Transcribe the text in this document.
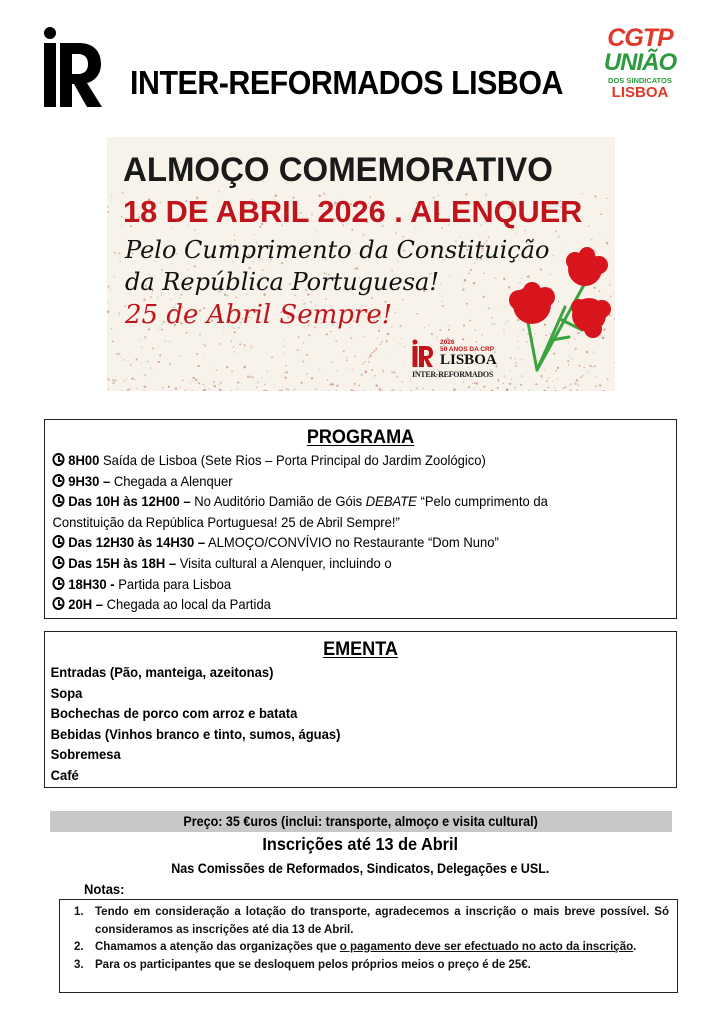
INTER-REFORMADOS LISBOA
CGTP
UNIÃO
DOS SINDICATOS
LISBOA
ALMOÇO COMEMORATIVO
18 DE ABRIL 2026 . ALENQUER
Pelo Cumprimento da Constituição
da República Portuguesa!
25 de Abril Sempre!
2026
50 ANOS DA CRP
LISBOA
INTER-REFORMADOS
PROGRAMA
8H00 Saída de Lisboa (Sete Rios – Porta Principal do Jardim Zoológico)
9H30 – Chegada a Alenquer
Das 10H às 12H00 – No Auditório Damião de Góis DEBATE “Pelo cumprimento da
Constituição da República Portuguesa! 25 de Abril Sempre!”
Das 12H30 às 14H30 – ALMOÇO/CONVÍVIO no Restaurante “Dom Nuno”
Das 15H às 18H – Visita cultural a Alenquer, incluindo o
18H30 - Partida para Lisboa
20H – Chegada ao local da Partida
EMENTA
Entradas (Pão, manteiga, azeitonas)
Sopa
Bochechas de porco com arroz e batata
Bebidas (Vinhos branco e tinto, sumos, águas)
Sobremesa
Café
Preço: 35 €uros (inclui: transporte, almoço e visita cultural)
Inscrições até 13 de Abril
Nas Comissões de Reformados, Sindicatos, Delegações e USL.
Notas:
1. Tendo em consideração a lotação do transporte, agradecemos a inscrição o mais breve possível. Só consideramos as inscrições até dia 13 de Abril.
2. Chamamos a atenção das organizações que o pagamento deve ser efectuado no acto da inscrição.
3. Para os participantes que se desloquem pelos próprios meios o preço é de 25€.
